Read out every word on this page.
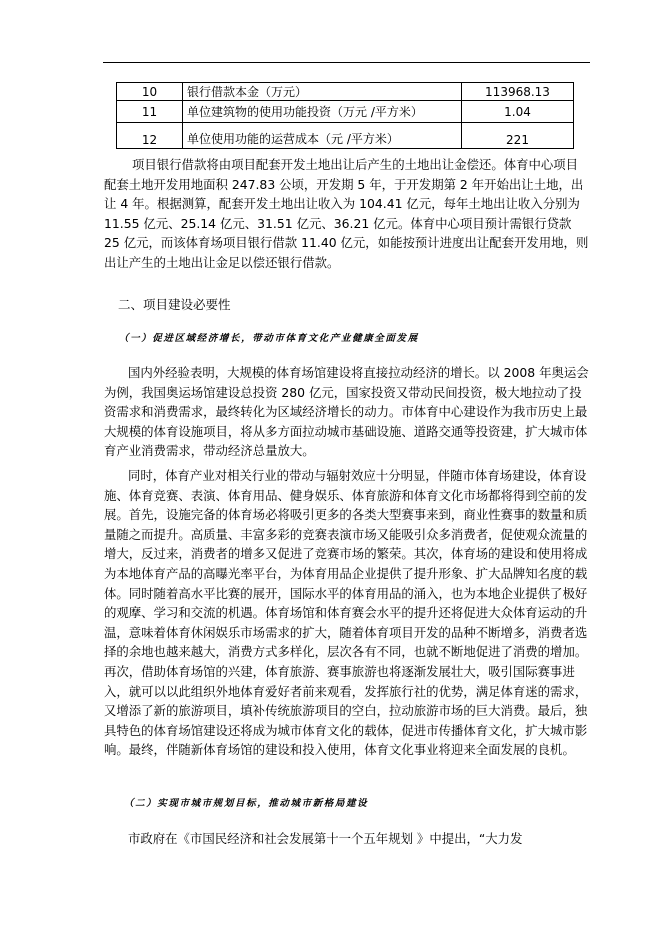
10	银行借款本金（万元）	113968.13
11	单位建筑物的使用功能投资（万元 /平方米）	1.04
12	单位使用功能的运营成本（元 /平方米）	221

项目银行借款将由项目配套开发土地出让后产生的土地出让金偿还。体育中心项目配套土地开发用地面积 247.83 公顷，开发期 5 年，于开发期第 2 年开始出让土地，出让 4 年。根据测算，配套开发土地出让收入为 104.41 亿元，每年土地出让收入分别为 11.55 亿元、25.14 亿元、31.51 亿元、36.21 亿元。体育中心项目预计需银行贷款 25 亿元，而该体育场项目银行借款 11.40 亿元，如能按预计进度出让配套开发用地，则出让产生的土地出让金足以偿还银行借款。

二、项目建设必要性

（一）促进区域经济增长，带动市体育文化产业健康全面发展

国内外经验表明，大规模的体育场馆建设将直接拉动经济的增长。以 2008 年奥运会为例，我国奥运场馆建设总投资 280 亿元，国家投资又带动民间投资，极大地拉动了投资需求和消费需求，最终转化为区域经济增长的动力。市体育中心建设作为我市历史上最大规模的体育设施项目，将从多方面拉动城市基础设施、道路交通等投资建，扩大城市体育产业消费需求，带动经济总量放大。

同时，体育产业对相关行业的带动与辐射效应十分明显，伴随市体育场建设，体育设施、体育竞赛、表演、体育用品、健身娱乐、体育旅游和体育文化市场都将得到空前的发展。首先，设施完备的体育场必将吸引更多的各类大型赛事来到，商业性赛事的数量和质量随之而提升。高质量、丰富多彩的竞赛表演市场又能吸引众多消费者，促使观众流量的增大，反过来，消费者的增多又促进了竞赛市场的繁荣。其次，体育场的建设和使用将成为本地体育产品的高曝光率平台，为体育用品企业提供了提升形象、扩大品牌知名度的载体。同时随着高水平比赛的展开，国际水平的体育用品的涌入，也为本地企业提供了极好的观摩、学习和交流的机遇。体育场馆和体育赛会水平的提升还将促进大众体育运动的升温，意味着体育休闲娱乐市场需求的扩大，随着体育项目开发的品种不断增多，消费者选择的余地也越来越大，消费方式多样化，层次各有不同，也就不断地促进了消费的增加。再次，借助体育场馆的兴建，体育旅游、赛事旅游也将逐渐发展壮大，吸引国际赛事进入，就可以以此组织外地体育爱好者前来观看，发挥旅行社的优势，满足体育迷的需求，又增添了新的旅游项目，填补传统旅游项目的空白，拉动旅游市场的巨大消费。最后，独具特色的体育场馆建设还将成为城市体育文化的载体，促进市传播体育文化，扩大城市影响。最终，伴随新体育场馆的建设和投入使用，体育文化事业将迎来全面发展的良机。

（二）实现市城市规划目标，推动城市新格局建设

市政府在《市国民经济和社会发展第十一个五年规划 》中提出，“大力发
